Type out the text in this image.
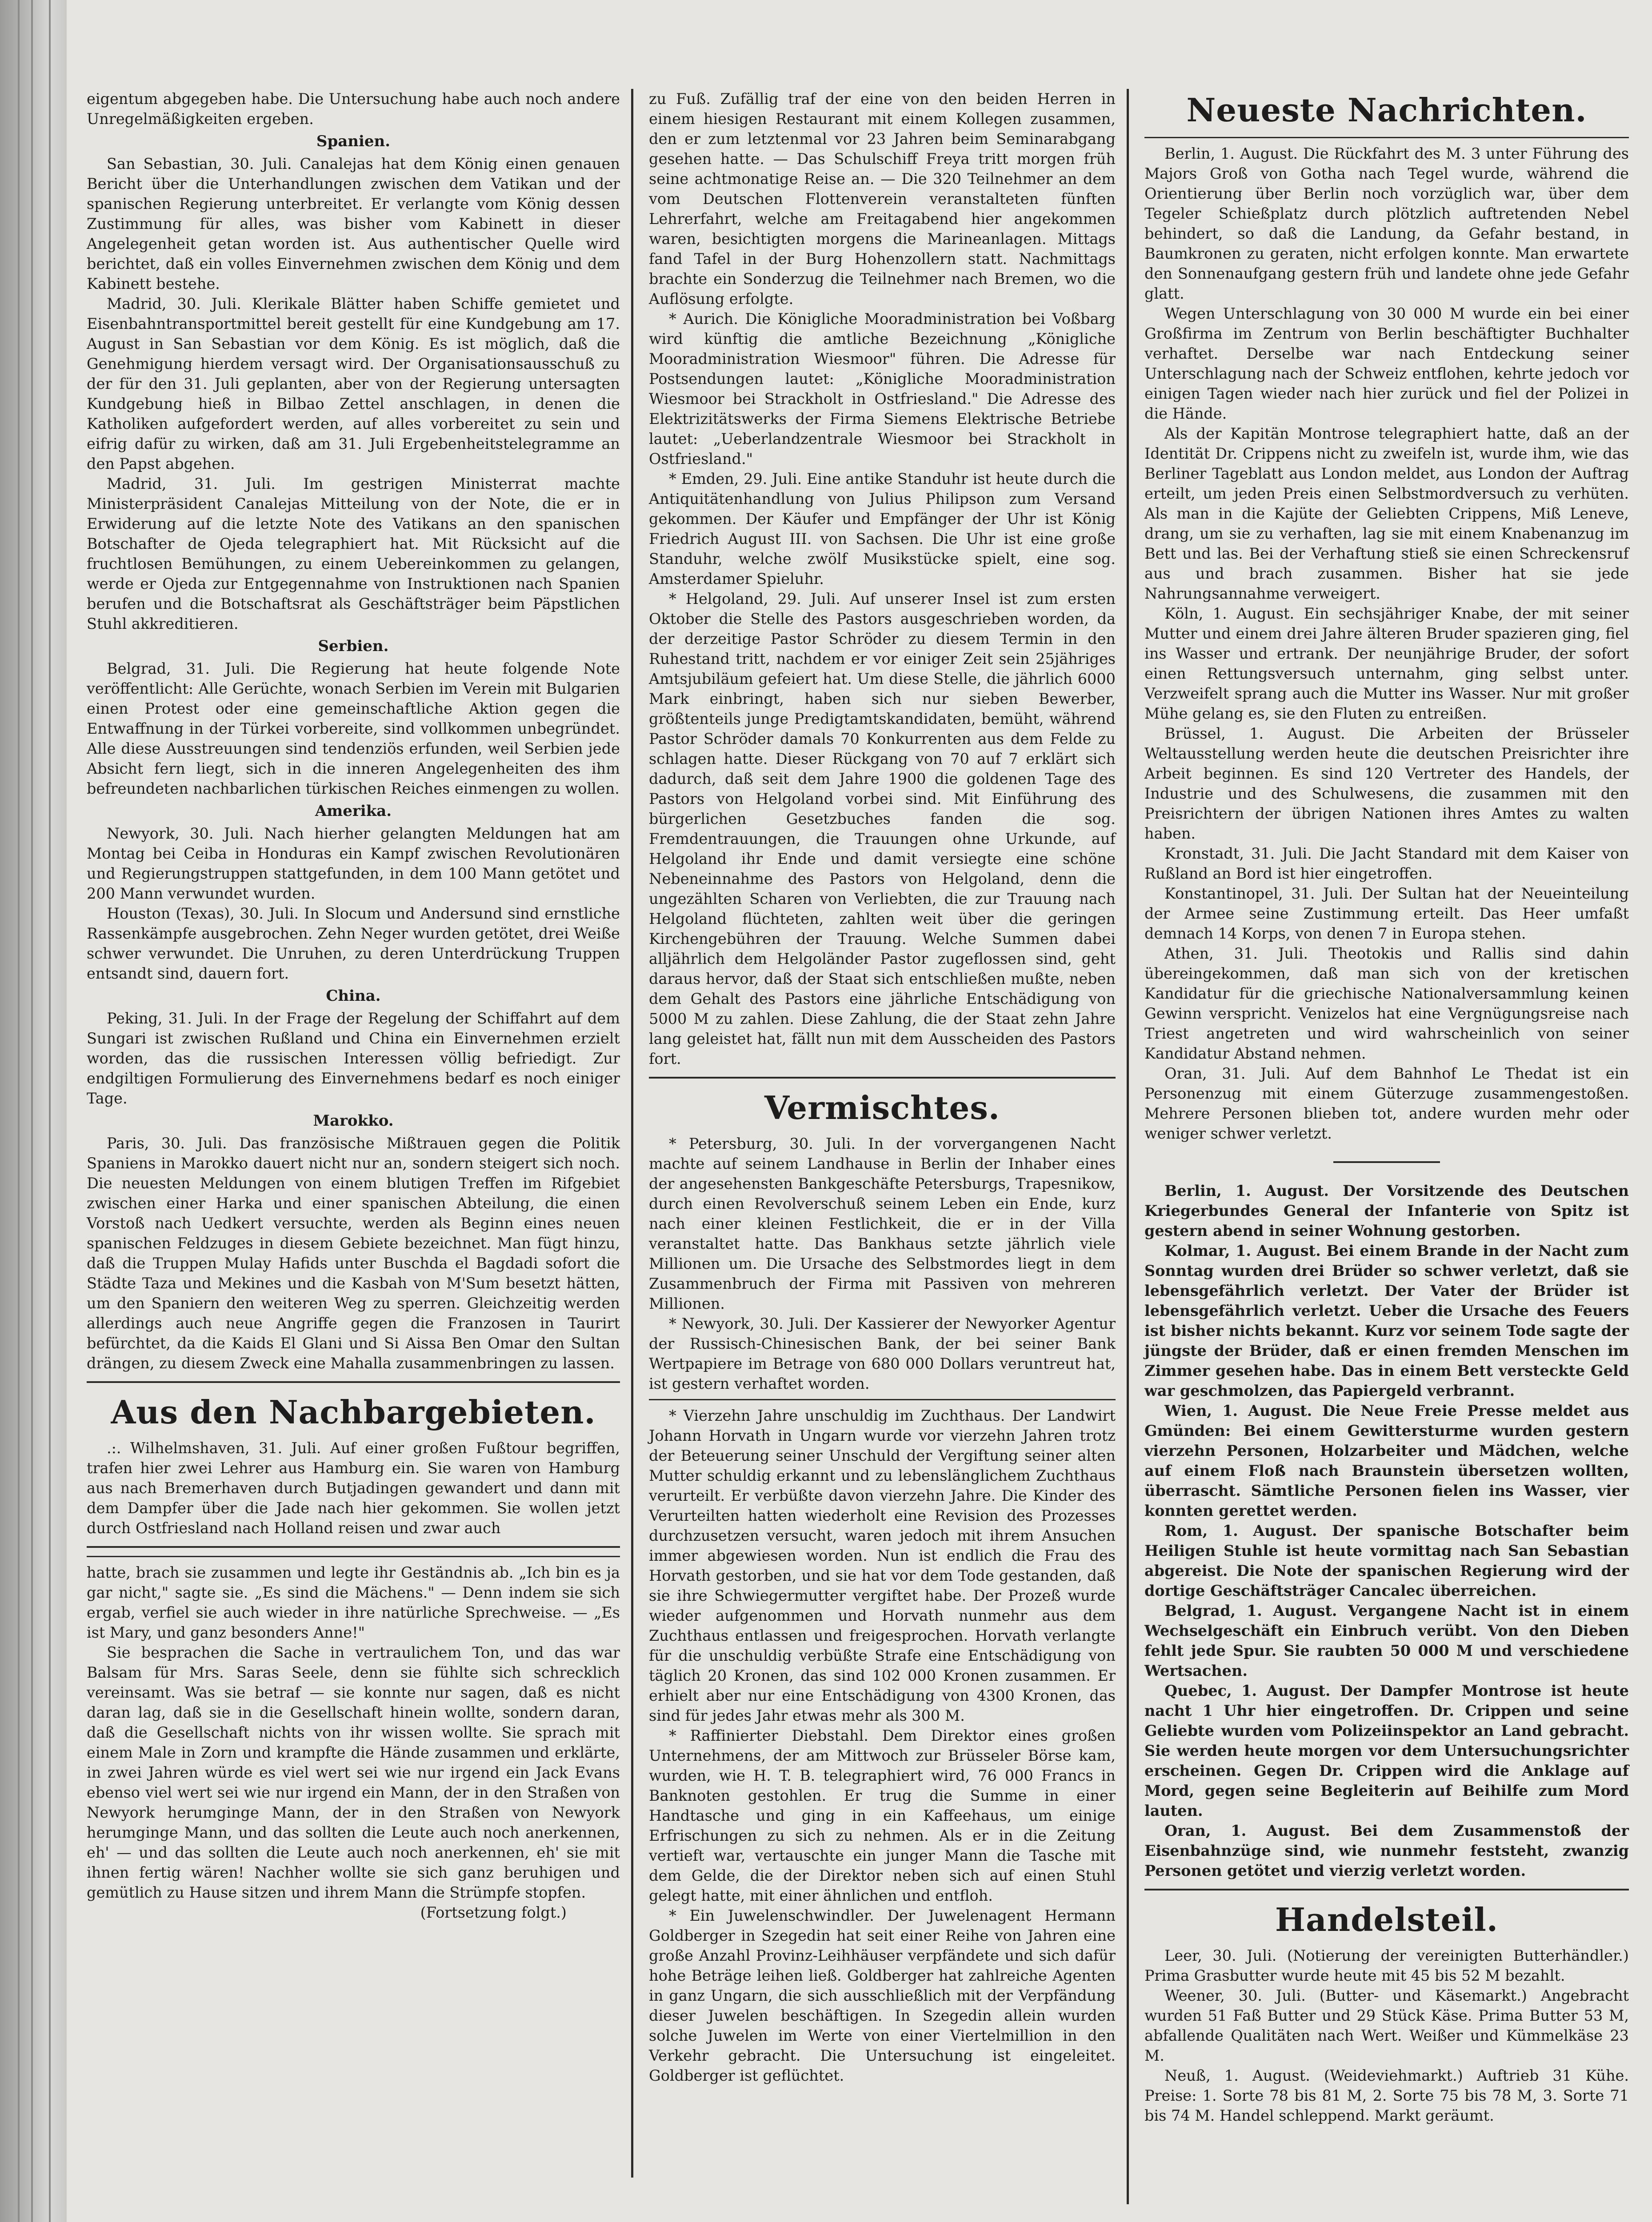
eigentum abgegeben habe. Die Untersuchung habe auch noch andere Unregelmäßigkeiten ergeben.

Spanien.

San Sebastian, 30. Juli. Canalejas hat dem König einen genauen Bericht über die Unterhandlungen zwischen dem Vatikan und der spanischen Regierung unterbreitet. Er verlangte vom König dessen Zustimmung für alles, was bisher vom Kabinett in dieser Angelegenheit getan worden ist. Aus authentischer Quelle wird berichtet, daß ein volles Einvernehmen zwischen dem König und dem Kabinett bestehe.

Madrid, 30. Juli. Klerikale Blätter haben Schiffe gemietet und Eisenbahntransportmittel bereit gestellt für eine Kundgebung am 17. August in San Sebastian vor dem König. Es ist möglich, daß die Genehmigung hierdem versagt wird. Der Organisationsausschuß zu der für den 31. Juli geplanten, aber von der Regierung untersagten Kundgebung hieß in Bilbao Zettel anschlagen, in denen die Katholiken aufgefordert werden, auf alles vorbereitet zu sein und eifrig dafür zu wirken, daß am 31. Juli Ergebenheitstelegramme an den Papst abgehen.

Madrid, 31. Juli. Im gestrigen Ministerrat machte Ministerpräsident Canalejas Mitteilung von der Note, die er in Erwiderung auf die letzte Note des Vatikans an den spanischen Botschafter de Ojeda telegraphiert hat. Mit Rücksicht auf die fruchtlosen Bemühungen, zu einem Uebereinkommen zu gelangen, werde er Ojeda zur Entgegennahme von Instruktionen nach Spanien berufen und die Botschaftsrat als Geschäftsträger beim Päpstlichen Stuhl akkreditieren.

Serbien.

Belgrad, 31. Juli. Die Regierung hat heute folgende Note veröffentlicht: Alle Gerüchte, wonach Serbien im Verein mit Bulgarien einen Protest oder eine gemeinschaftliche Aktion gegen die Entwaffnung in der Türkei vorbereite, sind vollkommen unbegründet. Alle diese Ausstreuungen sind tendenziös erfunden, weil Serbien jede Absicht fern liegt, sich in die inneren Angelegenheiten des ihm befreundeten nachbarlichen türkischen Reiches einmengen zu wollen.

Amerika.

Newyork, 30. Juli. Nach hierher gelangten Meldungen hat am Montag bei Ceiba in Honduras ein Kampf zwischen Revolutionären und Regierungstruppen stattgefunden, in dem 100 Mann getötet und 200 Mann verwundet wurden.

Houston (Texas), 30. Juli. In Slocum und Andersund sind ernstliche Rassenkämpfe ausgebrochen. Zehn Neger wurden getötet, drei Weiße schwer verwundet. Die Unruhen, zu deren Unterdrückung Truppen entsandt sind, dauern fort.

China.

Peking, 31. Juli. In der Frage der Regelung der Schiffahrt auf dem Sungari ist zwischen Rußland und China ein Einvernehmen erzielt worden, das die russischen Interessen völlig befriedigt. Zur endgiltigen Formulierung des Einvernehmens bedarf es noch einiger Tage.

Marokko.

Paris, 30. Juli. Das französische Mißtrauen gegen die Politik Spaniens in Marokko dauert nicht nur an, sondern steigert sich noch. Die neuesten Meldungen von einem blutigen Treffen im Rifgebiet zwischen einer Harka und einer spanischen Abteilung, die einen Vorstoß nach Uedkert versuchte, werden als Beginn eines neuen spanischen Feldzuges in diesem Gebiete bezeichnet. Man fügt hinzu, daß die Truppen Mulay Hafids unter Buschda el Bagdadi sofort die Städte Taza und Mekines und die Kasbah von M'Sum besetzt hätten, um den Spaniern den weiteren Weg zu sperren. Gleichzeitig werden allerdings auch neue Angriffe gegen die Franzosen in Taurirt befürchtet, da die Kaids El Glani und Si Aissa Ben Omar den Sultan drängen, zu diesem Zweck eine Mahalla zusammenbringen zu lassen.

Aus den Nachbargebieten.

.:. Wilhelmshaven, 31. Juli. Auf einer großen Fußtour begriffen, trafen hier zwei Lehrer aus Hamburg ein. Sie waren von Hamburg aus nach Bremerhaven durch Butjadingen gewandert und dann mit dem Dampfer über die Jade nach hier gekommen. Sie wollen jetzt durch Ostfriesland nach Holland reisen und zwar auch

hatte, brach sie zusammen und legte ihr Geständnis ab. „Ich bin es ja gar nicht," sagte sie. „Es sind die Mächens." — Denn indem sie sich ergab, verfiel sie auch wieder in ihre natürliche Sprechweise. — „Es ist Mary, und ganz besonders Anne!"

Sie besprachen die Sache in vertraulichem Ton, und das war Balsam für Mrs. Saras Seele, denn sie fühlte sich schrecklich vereinsamt. Was sie betraf — sie konnte nur sagen, daß es nicht daran lag, daß sie in die Gesellschaft hinein wollte, sondern daran, daß die Gesellschaft nichts von ihr wissen wollte. Sie sprach mit einem Male in Zorn und krampfte die Hände zusammen und erklärte, in zwei Jahren würde es viel wert sei wie nur irgend ein Jack Evans ebenso viel wert sei wie nur irgend ein Mann, der in den Straßen von Newyork herumginge Mann, der in den Straßen von Newyork herumginge Mann, und das sollten die Leute auch noch anerkennen, eh' — und das sollten die Leute auch noch anerkennen, eh' sie mit ihnen fertig wären! Nachher wollte sie sich ganz beruhigen und gemütlich zu Hause sitzen und ihrem Mann die Strümpfe stopfen.

(Fortsetzung folgt.)

zu Fuß. Zufällig traf der eine von den beiden Herren in einem hiesigen Restaurant mit einem Kollegen zusammen, den er zum letztenmal vor 23 Jahren beim Seminarabgang gesehen hatte. — Das Schulschiff Freya tritt morgen früh seine achtmonatige Reise an. — Die 320 Teilnehmer an dem vom Deutschen Flottenverein veranstalteten fünften Lehrerfahrt, welche am Freitagabend hier angekommen waren, besichtigten morgens die Marineanlagen. Mittags fand Tafel in der Burg Hohenzollern statt. Nachmittags brachte ein Sonderzug die Teilnehmer nach Bremen, wo die Auflösung erfolgte.

* Aurich. Die Königliche Mooradministration bei Voßbarg wird künftig die amtliche Bezeichnung „Königliche Mooradministration Wiesmoor" führen. Die Adresse für Postsendungen lautet: „Königliche Mooradministration Wiesmoor bei Strackholt in Ostfriesland." Die Adresse des Elektrizitätswerks der Firma Siemens Elektrische Betriebe lautet: „Ueberlandzentrale Wiesmoor bei Strackholt in Ostfriesland."

* Emden, 29. Juli. Eine antike Standuhr ist heute durch die Antiquitätenhandlung von Julius Philipson zum Versand gekommen. Der Käufer und Empfänger der Uhr ist König Friedrich August III. von Sachsen. Die Uhr ist eine große Standuhr, welche zwölf Musikstücke spielt, eine sog. Amsterdamer Spieluhr.

* Helgoland, 29. Juli. Auf unserer Insel ist zum ersten Oktober die Stelle des Pastors ausgeschrieben worden, da der derzeitige Pastor Schröder zu diesem Termin in den Ruhestand tritt, nachdem er vor einiger Zeit sein 25jähriges Amtsjubiläum gefeiert hat. Um diese Stelle, die jährlich 6000 Mark einbringt, haben sich nur sieben Bewerber, größtenteils junge Predigtamtskandidaten, bemüht, während Pastor Schröder damals 70 Konkurrenten aus dem Felde zu schlagen hatte. Dieser Rückgang von 70 auf 7 erklärt sich dadurch, daß seit dem Jahre 1900 die goldenen Tage des Pastors von Helgoland vorbei sind. Mit Einführung des bürgerlichen Gesetzbuches fanden die sog. Fremdentrauungen, die Trauungen ohne Urkunde, auf Helgoland ihr Ende und damit versiegte eine schöne Nebeneinnahme des Pastors von Helgoland, denn die ungezählten Scharen von Verliebten, die zur Trauung nach Helgoland flüchteten, zahlten weit über die geringen Kirchengebühren der Trauung. Welche Summen dabei alljährlich dem Helgoländer Pastor zugeflossen sind, geht daraus hervor, daß der Staat sich entschließen mußte, neben dem Gehalt des Pastors eine jährliche Entschädigung von 5000 M zu zahlen. Diese Zahlung, die der Staat zehn Jahre lang geleistet hat, fällt nun mit dem Ausscheiden des Pastors fort.

Vermischtes.

* Petersburg, 30. Juli. In der vorvergangenen Nacht machte auf seinem Landhause in Berlin der Inhaber eines der angesehensten Bankgeschäfte Petersburgs, Trapesnikow, durch einen Revolverschuß seinem Leben ein Ende, kurz nach einer kleinen Festlichkeit, die er in der Villa veranstaltet hatte. Das Bankhaus setzte jährlich viele Millionen um. Die Ursache des Selbstmordes liegt in dem Zusammenbruch der Firma mit Passiven von mehreren Millionen.

* Newyork, 30. Juli. Der Kassierer der Newyorker Agentur der Russisch-Chinesischen Bank, der bei seiner Bank Wertpapiere im Betrage von 680 000 Dollars veruntreut hat, ist gestern verhaftet worden.

* Vierzehn Jahre unschuldig im Zuchthaus. Der Landwirt Johann Horvath in Ungarn wurde vor vierzehn Jahren trotz der Beteuerung seiner Unschuld der Vergiftung seiner alten Mutter schuldig erkannt und zu lebenslänglichem Zuchthaus verurteilt. Er verbüßte davon vierzehn Jahre. Die Kinder des Verurteilten hatten wiederholt eine Revision des Prozesses durchzusetzen versucht, waren jedoch mit ihrem Ansuchen immer abgewiesen worden. Nun ist endlich die Frau des Horvath gestorben, und sie hat vor dem Tode gestanden, daß sie ihre Schwiegermutter vergiftet habe. Der Prozeß wurde wieder aufgenommen und Horvath nunmehr aus dem Zuchthaus entlassen und freigesprochen. Horvath verlangte für die unschuldig verbüßte Strafe eine Entschädigung von täglich 20 Kronen, das sind 102 000 Kronen zusammen. Er erhielt aber nur eine Entschädigung von 4300 Kronen, das sind für jedes Jahr etwas mehr als 300 M.

* Raffinierter Diebstahl. Dem Direktor eines großen Unternehmens, der am Mittwoch zur Brüsseler Börse kam, wurden, wie H. T. B. telegraphiert wird, 76 000 Francs in Banknoten gestohlen. Er trug die Summe in einer Handtasche und ging in ein Kaffeehaus, um einige Erfrischungen zu sich zu nehmen. Als er in die Zeitung vertieft war, vertauschte ein junger Mann die Tasche mit dem Gelde, die der Direktor neben sich auf einen Stuhl gelegt hatte, mit einer ähnlichen und entfloh.

* Ein Juwelenschwindler. Der Juwelenagent Hermann Goldberger in Szegedin hat seit einer Reihe von Jahren eine große Anzahl Provinz-Leihhäuser verpfändete und sich dafür hohe Beträge leihen ließ. Goldberger hat zahlreiche Agenten in ganz Ungarn, die sich ausschließlich mit der Verpfändung dieser Juwelen beschäftigen. In Szegedin allein wurden solche Juwelen im Werte von einer Viertelmillion in den Verkehr gebracht. Die Untersuchung ist eingeleitet. Goldberger ist geflüchtet.

Neueste Nachrichten.

Berlin, 1. August. Die Rückfahrt des M. 3 unter Führung des Majors Groß von Gotha nach Tegel wurde, während die Orientierung über Berlin noch vorzüglich war, über dem Tegeler Schießplatz durch plötzlich auftretenden Nebel behindert, so daß die Landung, da Gefahr bestand, in Baumkronen zu geraten, nicht erfolgen konnte. Man erwartete den Sonnenaufgang gestern früh und landete ohne jede Gefahr glatt.

Wegen Unterschlagung von 30 000 M wurde ein bei einer Großfirma im Zentrum von Berlin beschäftigter Buchhalter verhaftet. Derselbe war nach Entdeckung seiner Unterschlagung nach der Schweiz entflohen, kehrte jedoch vor einigen Tagen wieder nach hier zurück und fiel der Polizei in die Hände.

Als der Kapitän Montrose telegraphiert hatte, daß an der Identität Dr. Crippens nicht zu zweifeln ist, wurde ihm, wie das Berliner Tageblatt aus London meldet, aus London der Auftrag erteilt, um jeden Preis einen Selbstmordversuch zu verhüten. Als man in die Kajüte der Geliebten Crippens, Miß Leneve, drang, um sie zu verhaften, lag sie mit einem Knabenanzug im Bett und las. Bei der Verhaftung stieß sie einen Schreckensruf aus und brach zusammen. Bisher hat sie jede Nahrungsannahme verweigert.

Köln, 1. August. Ein sechsjähriger Knabe, der mit seiner Mutter und einem drei Jahre älteren Bruder spazieren ging, fiel ins Wasser und ertrank. Der neunjährige Bruder, der sofort einen Rettungsversuch unternahm, ging selbst unter. Verzweifelt sprang auch die Mutter ins Wasser. Nur mit großer Mühe gelang es, sie den Fluten zu entreißen.

Brüssel, 1. August. Die Arbeiten der Brüsseler Weltausstellung werden heute die deutschen Preisrichter ihre Arbeit beginnen. Es sind 120 Vertreter des Handels, der Industrie und des Schulwesens, die zusammen mit den Preisrichtern der übrigen Nationen ihres Amtes zu walten haben.

Kronstadt, 31. Juli. Die Jacht Standard mit dem Kaiser von Rußland an Bord ist hier eingetroffen.

Konstantinopel, 31. Juli. Der Sultan hat der Neueinteilung der Armee seine Zustimmung erteilt. Das Heer umfaßt demnach 14 Korps, von denen 7 in Europa stehen.

Athen, 31. Juli. Theotokis und Rallis sind dahin übereingekommen, daß man sich von der kretischen Kandidatur für die griechische Nationalversammlung keinen Gewinn verspricht. Venizelos hat eine Vergnügungsreise nach Triest angetreten und wird wahrscheinlich von seiner Kandidatur Abstand nehmen.

Oran, 31. Juli. Auf dem Bahnhof Le Thedat ist ein Personenzug mit einem Güterzuge zusammengestoßen. Mehrere Personen blieben tot, andere wurden mehr oder weniger schwer verletzt.

Berlin, 1. August. Der Vorsitzende des Deutschen Kriegerbundes General der Infanterie von Spitz ist gestern abend in seiner Wohnung gestorben.

Kolmar, 1. August. Bei einem Brande in der Nacht zum Sonntag wurden drei Brüder so schwer verletzt, daß sie lebensgefährlich verletzt. Der Vater der Brüder ist lebensgefährlich verletzt. Ueber die Ursache des Feuers ist bisher nichts bekannt. Kurz vor seinem Tode sagte der jüngste der Brüder, daß er einen fremden Menschen im Zimmer gesehen habe. Das in einem Bett versteckte Geld war geschmolzen, das Papiergeld verbrannt.

Wien, 1. August. Die Neue Freie Presse meldet aus Gmünden: Bei einem Gewittersturme wurden gestern vierzehn Personen, Holzarbeiter und Mädchen, welche auf einem Floß nach Braunstein übersetzen wollten, überrascht. Sämtliche Personen fielen ins Wasser, vier konnten gerettet werden.

Rom, 1. August. Der spanische Botschafter beim Heiligen Stuhle ist heute vormittag nach San Sebastian abgereist. Die Note der spanischen Regierung wird der dortige Geschäftsträger Cancalec überreichen.

Belgrad, 1. August. Vergangene Nacht ist in einem Wechselgeschäft ein Einbruch verübt. Von den Dieben fehlt jede Spur. Sie raubten 50 000 M und verschiedene Wertsachen.

Quebec, 1. August. Der Dampfer Montrose ist heute nacht 1 Uhr hier eingetroffen. Dr. Crippen und seine Geliebte wurden vom Polizeiinspektor an Land gebracht. Sie werden heute morgen vor dem Untersuchungsrichter erscheinen. Gegen Dr. Crippen wird die Anklage auf Mord, gegen seine Begleiterin auf Beihilfe zum Mord lauten.

Oran, 1. August. Bei dem Zusammenstoß der Eisenbahnzüge sind, wie nunmehr feststeht, zwanzig Personen getötet und vierzig verletzt worden.

Handelsteil.

Leer, 30. Juli. (Notierung der vereinigten Butterhändler.) Prima Grasbutter wurde heute mit 45 bis 52 M bezahlt.

Weener, 30. Juli. (Butter- und Käsemarkt.) Angebracht wurden 51 Faß Butter und 29 Stück Käse. Prima Butter 53 M, abfallende Qualitäten nach Wert. Weißer und Kümmelkäse 23 M.

Neuß, 1. August. (Weideviehmarkt.) Auftrieb 31 Kühe. Preise: 1. Sorte 78 bis 81 M, 2. Sorte 75 bis 78 M, 3. Sorte 71 bis 74 M. Handel schleppend. Markt geräumt.
